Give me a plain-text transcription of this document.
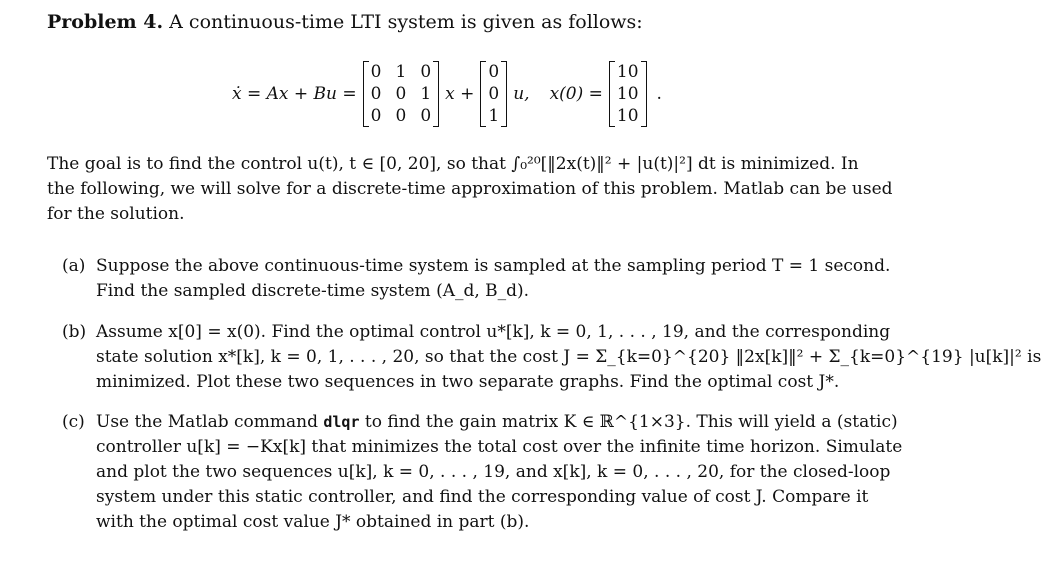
Problem 4. A continuous-time LTI system is given as follows:
ẋ = Ax + Bu =
0 1 0
0 0 1
0 0 0
x +
0
0
1
u, x(0) =
10
10
10
.
The goal is to find the control u(t), t ∈ [0, 20], so that ∫₀²⁰[‖2x(t)‖² + |u(t)|²] dt is minimized. In
the following, we will solve for a discrete-time approximation of this problem. Matlab can be used
for the solution.
(a) Suppose the above continuous-time system is sampled at the sampling period T = 1 second.
Find the sampled discrete-time system (A_d, B_d).
(b) Assume x[0] = x(0). Find the optimal control u*[k], k = 0, 1, . . . , 19, and the corresponding
state solution x*[k], k = 0, 1, . . . , 20, so that the cost J = Σ_{k=0}^{20} ‖2x[k]‖² + Σ_{k=0}^{19} |u[k]|² is
minimized. Plot these two sequences in two separate graphs. Find the optimal cost J*.
(c) Use the Matlab command dlqr to find the gain matrix K ∈ ℝ^{1×3}. This will yield a (static)
controller u[k] = −Kx[k] that minimizes the total cost over the infinite time horizon. Simulate
and plot the two sequences u[k], k = 0, . . . , 19, and x[k], k = 0, . . . , 20, for the closed-loop
system under this static controller, and find the corresponding value of cost J. Compare it
with the optimal cost value J* obtained in part (b).
